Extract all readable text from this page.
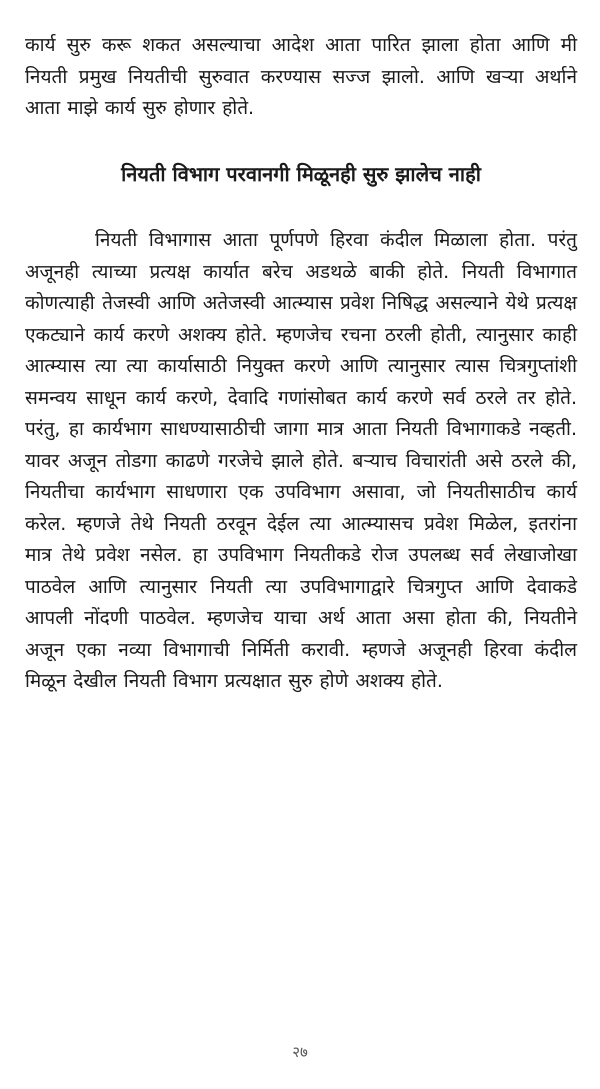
कार्य सुरु करू शकत असल्याचा आदेश आता पारित झाला होता आणि मी नियती प्रमुख नियतीची सुरुवात करण्यास सज्ज झालो. आणि खऱ्या अर्थाने आता माझे कार्य सुरु होणार होते.

नियती विभाग परवानगी मिळूनही सुरु झालेच नाही

नियती विभागास आता पूर्णपणे हिरवा कंदील मिळाला होता. परंतु अजूनही त्याच्या प्रत्यक्ष कार्यात बरेच अडथळे बाकी होते. नियती विभागात कोणत्याही तेजस्वी आणि अतेजस्वी आत्म्यास प्रवेश निषिद्ध असल्याने येथे प्रत्यक्ष एकट्याने कार्य करणे अशक्य होते. म्हणजेच रचना ठरली होती, त्यानुसार काही आत्म्यास त्या त्या कार्यासाठी नियुक्त करणे आणि त्यानुसार त्यास चित्रगुप्तांशी समन्वय साधून कार्य करणे, देवादि गणांसोबत कार्य करणे सर्व ठरले तर होते. परंतु, हा कार्यभाग साधण्यासाठीची जागा मात्र आता नियती विभागाकडे नव्हती. यावर अजून तोडगा काढणे गरजेचे झाले होते. बऱ्याच विचारांती असे ठरले की, नियतीचा कार्यभाग साधणारा एक उपविभाग असावा, जो नियतीसाठीच कार्य करेल. म्हणजे तेथे नियती ठरवून देईल त्या आत्म्यासच प्रवेश मिळेल, इतरांना मात्र तेथे प्रवेश नसेल. हा उपविभाग नियतीकडे रोज उपलब्ध सर्व लेखाजोखा पाठवेल आणि त्यानुसार नियती त्या उपविभागाद्वारे चित्रगुप्त आणि देवाकडे आपली नोंदणी पाठवेल. म्हणजेच याचा अर्थ आता असा होता की, नियतीने अजून एका नव्या विभागाची निर्मिती करावी. म्हणजे अजूनही हिरवा कंदील मिळून देखील नियती विभाग प्रत्यक्षात सुरु होणे अशक्य होते.

२७
